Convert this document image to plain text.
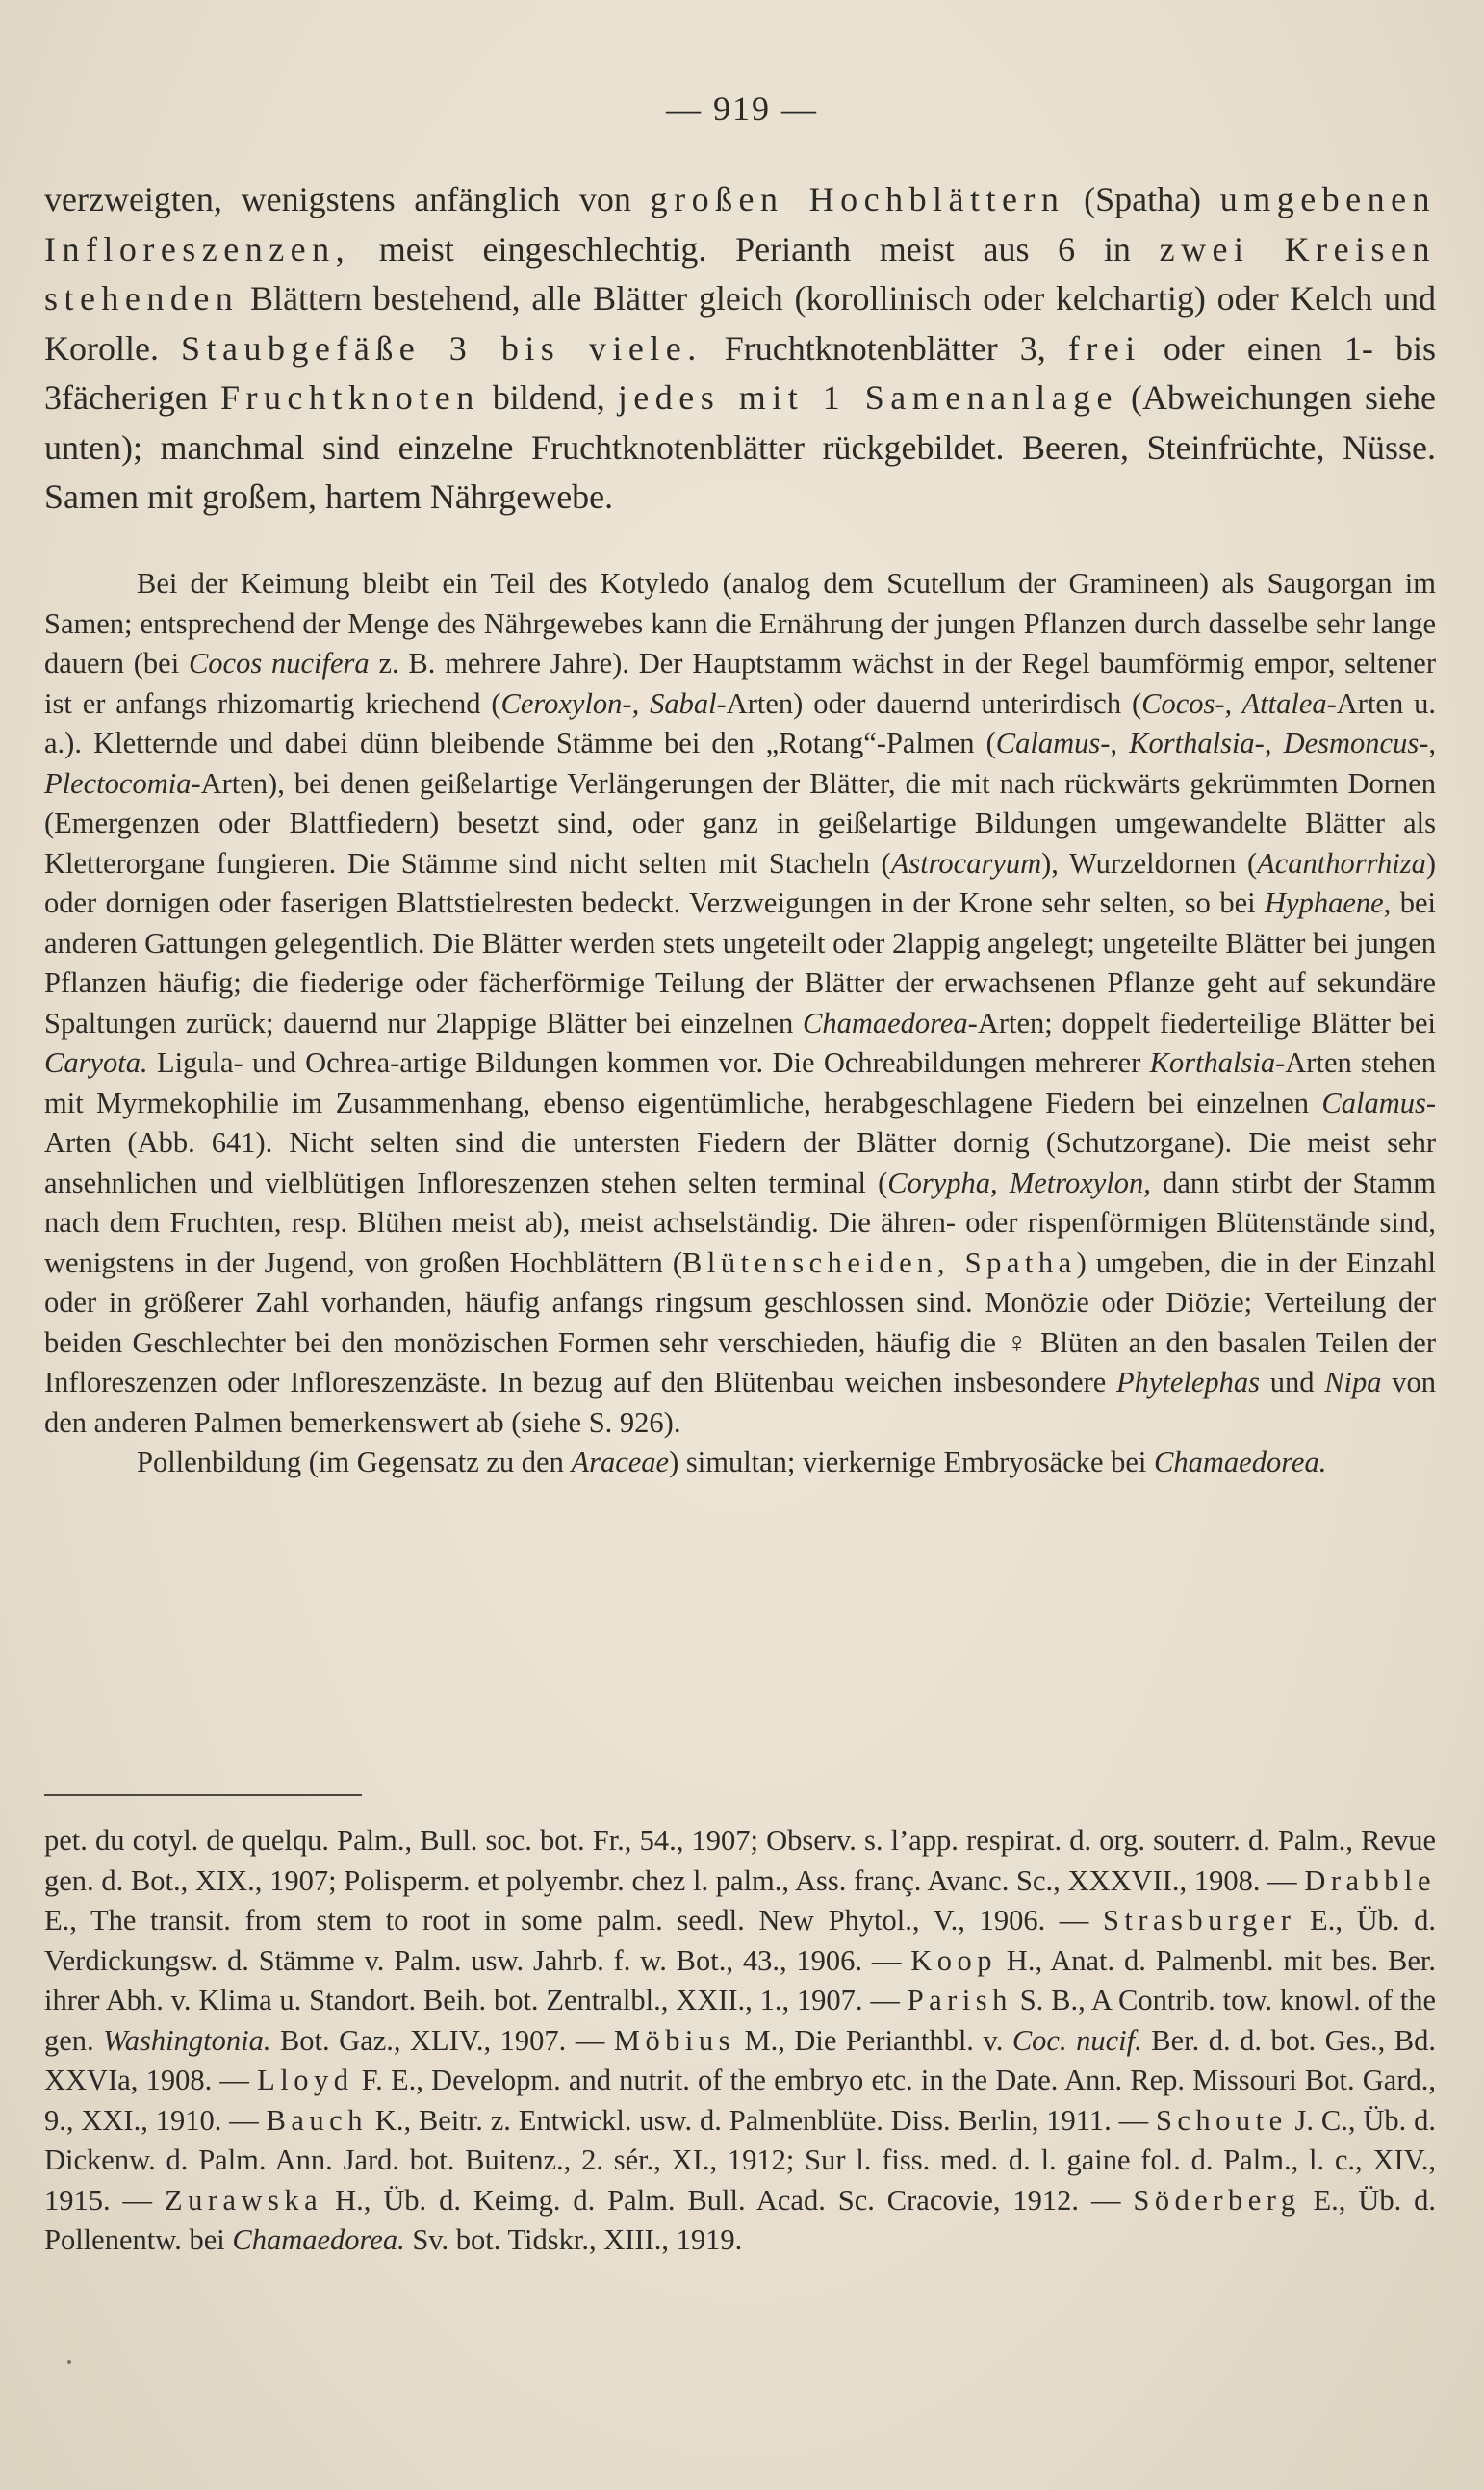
— 919 —

verzweigten, wenigstens anfänglich von großen Hochblättern (Spatha) umgebenen Infloreszenzen, meist eingeschlechtig. Perianth meist aus 6 in zwei Kreisen stehenden Blättern bestehend, alle Blätter gleich (korollinisch oder kelchartig) oder Kelch und Korolle. Staubgefäße 3 bis viele. Fruchtknotenblätter 3, frei oder einen 1- bis 3fächerigen Fruchtknoten bildend, jedes mit 1 Samenanlage (Abweichungen siehe unten); manchmal sind einzelne Fruchtknotenblätter rückgebildet. Beeren, Steinfrüchte, Nüsse. Samen mit großem, hartem Nährgewebe.

Bei der Keimung bleibt ein Teil des Kotyledo (analog dem Scutellum der Gramineen) als Saugorgan im Samen; entsprechend der Menge des Nährgewebes kann die Ernährung der jungen Pflanzen durch dasselbe sehr lange dauern (bei Cocos nucifera z. B. mehrere Jahre). Der Hauptstamm wächst in der Regel baumförmig empor, seltener ist er anfangs rhizomartig kriechend (Ceroxylon-, Sabal-Arten) oder dauernd unterirdisch (Cocos-, Attalea-Arten u. a.). Kletternde und dabei dünn bleibende Stämme bei den „Rotang“-Palmen (Calamus-, Korthalsia-, Desmoncus-, Plectocomia-Arten), bei denen geißelartige Verlängerungen der Blätter, die mit nach rückwärts gekrümmten Dornen (Emergenzen oder Blattfiedern) besetzt sind, oder ganz in geißelartige Bildungen umgewandelte Blätter als Kletterorgane fungieren. Die Stämme sind nicht selten mit Stacheln (Astrocaryum), Wurzeldornen (Acanthorrhiza) oder dornigen oder faserigen Blattstielresten bedeckt. Verzweigungen in der Krone sehr selten, so bei Hyphaene, bei anderen Gattungen gelegentlich. Die Blätter werden stets ungeteilt oder 2lappig angelegt; ungeteilte Blätter bei jungen Pflanzen häufig; die fiederige oder fächerförmige Teilung der Blätter der erwachsenen Pflanze geht auf sekundäre Spaltungen zurück; dauernd nur 2lappige Blätter bei einzelnen Chamaedorea-Arten; doppelt fiederteilige Blätter bei Caryota. Ligula- und Ochrea-artige Bildungen kommen vor. Die Ochreabildungen mehrerer Korthalsia-Arten stehen mit Myrmekophilie im Zusammenhang, ebenso eigentümliche, herabgeschlagene Fiedern bei einzelnen Calamus-Arten (Abb. 641). Nicht selten sind die untersten Fiedern der Blätter dornig (Schutzorgane). Die meist sehr ansehnlichen und vielblütigen Infloreszenzen stehen selten terminal (Corypha, Metroxylon, dann stirbt der Stamm nach dem Fruchten, resp. Blühen meist ab), meist achselständig. Die ähren- oder rispenförmigen Blütenstände sind, wenigstens in der Jugend, von großen Hochblättern (Blütenscheiden, Spatha) umgeben, die in der Einzahl oder in größerer Zahl vorhanden, häufig anfangs ringsum geschlossen sind. Monözie oder Diözie; Verteilung der beiden Geschlechter bei den monözischen Formen sehr verschieden, häufig die ♀ Blüten an den basalen Teilen der Infloreszenzen oder Infloreszenzäste. In bezug auf den Blütenbau weichen insbesondere Phytelephas und Nipa von den anderen Palmen bemerkenswert ab (siehe S. 926).

Pollenbildung (im Gegensatz zu den Araceae) simultan; vierkernige Embryosäcke bei Chamaedorea.

pet. du cotyl. de quelqu. Palm., Bull. soc. bot. Fr., 54., 1907; Observ. s. l’app. respirat. d. org. souterr. d. Palm., Revue gen. d. Bot., XIX., 1907; Polisperm. et polyembr. chez l. palm., Ass. franç. Avanc. Sc., XXXVII., 1908. — Drabble E., The transit. from stem to root in some palm. seedl. New Phytol., V., 1906. — Strasburger E., Üb. d. Verdickungsw. d. Stämme v. Palm. usw. Jahrb. f. w. Bot., 43., 1906. — Koop H., Anat. d. Palmenbl. mit bes. Ber. ihrer Abh. v. Klima u. Standort. Beih. bot. Zentralbl., XXII., 1., 1907. — Parish S. B., A Contrib. tow. knowl. of the gen. Washingtonia. Bot. Gaz., XLIV., 1907. — Möbius M., Die Perianthbl. v. Coc. nucif. Ber. d. d. bot. Ges., Bd. XXVIa, 1908. — Lloyd F. E., Developm. and nutrit. of the embryo etc. in the Date. Ann. Rep. Missouri Bot. Gard., 9., XXI., 1910. — Bauch K., Beitr. z. Entwickl. usw. d. Palmenblüte. Diss. Berlin, 1911. — Schoute J. C., Üb. d. Dickenw. d. Palm. Ann. Jard. bot. Buitenz., 2. sér., XI., 1912; Sur l. fiss. med. d. l. gaine fol. d. Palm., l. c., XIV., 1915. — Zurawska H., Üb. d. Keimg. d. Palm. Bull. Acad. Sc. Cracovie, 1912. — Söderberg E., Üb. d. Pollenentw. bei Chamaedorea. Sv. bot. Tidskr., XIII., 1919.
